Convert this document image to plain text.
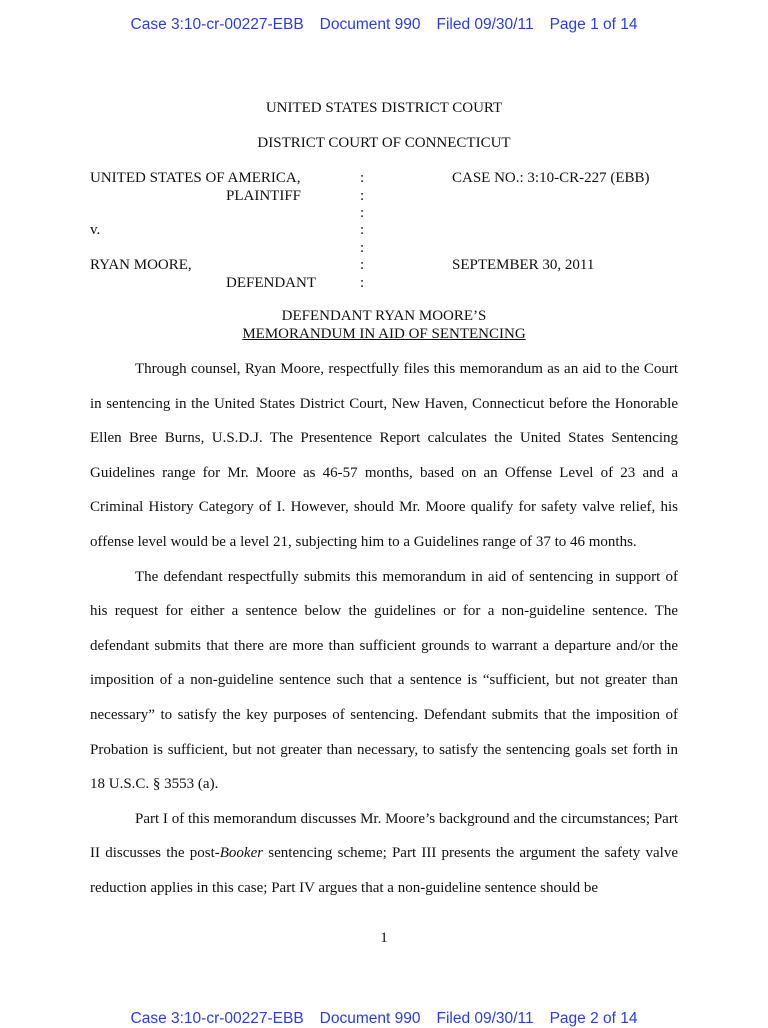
Case 3:10-cr-00227-EBB Document 990 Filed 09/30/11 Page 1 of 14
UNITED STATES DISTRICT COURT
DISTRICT COURT OF CONNECTICUT
UNITED STATES OF AMERICA,
PLAINTIFF
v.
RYAN MOORE,
DEFENDANT
CASE NO.: 3:10-CR-227 (EBB)
SEPTEMBER 30, 2011
:
:
:
:
:
:
:
DEFENDANT RYAN MOORE’S
MEMORANDUM IN AID OF SENTENCING

Through counsel, Ryan Moore, respectfully files this memorandum as an aid to the Court in sentencing in the United States District Court, New Haven, Connecticut before the Honorable Ellen Bree Burns, U.S.D.J. The Presentence Report calculates the United States Sentencing Guidelines range for Mr. Moore as 46-57 months, based on an Offense Level of 23 and a Criminal History Category of I. However, should Mr. Moore qualify for safety valve relief, his offense level would be a level 21, subjecting him to a Guidelines range of 37 to 46 months.

The defendant respectfully submits this memorandum in aid of sentencing in support of his request for either a sentence below the guidelines or for a non-guideline sentence. The defendant submits that there are more than sufficient grounds to warrant a departure and/or the imposition of a non-guideline sentence such that a sentence is “sufficient, but not greater than necessary” to satisfy the key purposes of sentencing. Defendant submits that the imposition of Probation is sufficient, but not greater than necessary, to satisfy the sentencing goals set forth in 18 U.S.C. § 3553 (a).

Part I of this memorandum discusses Mr. Moore’s background and the circumstances; Part II discusses the post-Booker sentencing scheme; Part III presents the argument the safety valve reduction applies in this case; Part IV argues that a non-guideline sentence should be

1
Case 3:10-cr-00227-EBB Document 990 Filed 09/30/11 Page 2 of 14
